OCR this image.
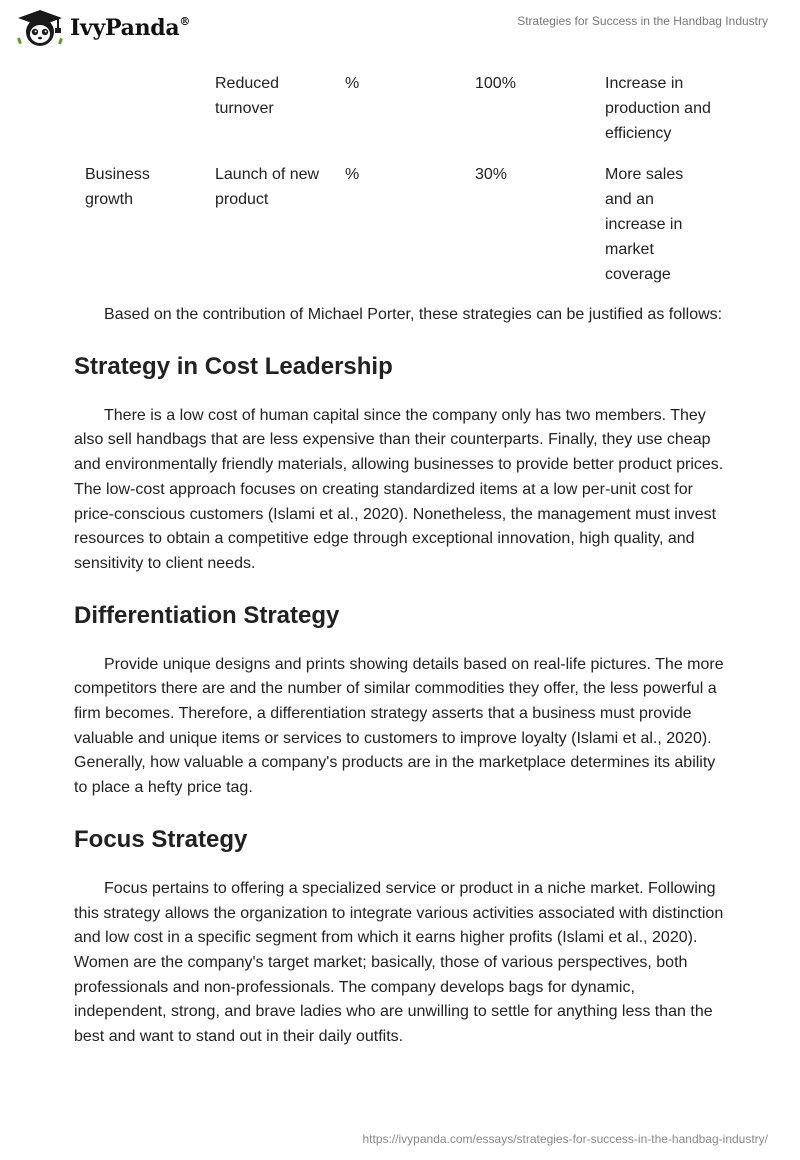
IvyPanda®	Strategies for Success in the Handbag Industry
	Reduced turnover	%	100%	Increase in production and efficiency
Business growth	Launch of new product	%	30%	More sales and an increase in market coverage

Based on the contribution of Michael Porter, these strategies can be justified as follows:

Strategy in Cost Leadership

There is a low cost of human capital since the company only has two members. They also sell handbags that are less expensive than their counterparts. Finally, they use cheap and environmentally friendly materials, allowing businesses to provide better product prices. The low-cost approach focuses on creating standardized items at a low per-unit cost for price-conscious customers (Islami et al., 2020). Nonetheless, the management must invest resources to obtain a competitive edge through exceptional innovation, high quality, and sensitivity to client needs.

Differentiation Strategy

Provide unique designs and prints showing details based on real-life pictures. The more competitors there are and the number of similar commodities they offer, the less powerful a firm becomes. Therefore, a differentiation strategy asserts that a business must provide valuable and unique items or services to customers to improve loyalty (Islami et al., 2020). Generally, how valuable a company's products are in the marketplace determines its ability to place a hefty price tag.

Focus Strategy

Focus pertains to offering a specialized service or product in a niche market. Following this strategy allows the organization to integrate various activities associated with distinction and low cost in a specific segment from which it earns higher profits (Islami et al., 2020). Women are the company's target market; basically, those of various perspectives, both professionals and non-professionals. The company develops bags for dynamic, independent, strong, and brave ladies who are unwilling to settle for anything less than the best and want to stand out in their daily outfits.

https://ivypanda.com/essays/strategies-for-success-in-the-handbag-industry/
